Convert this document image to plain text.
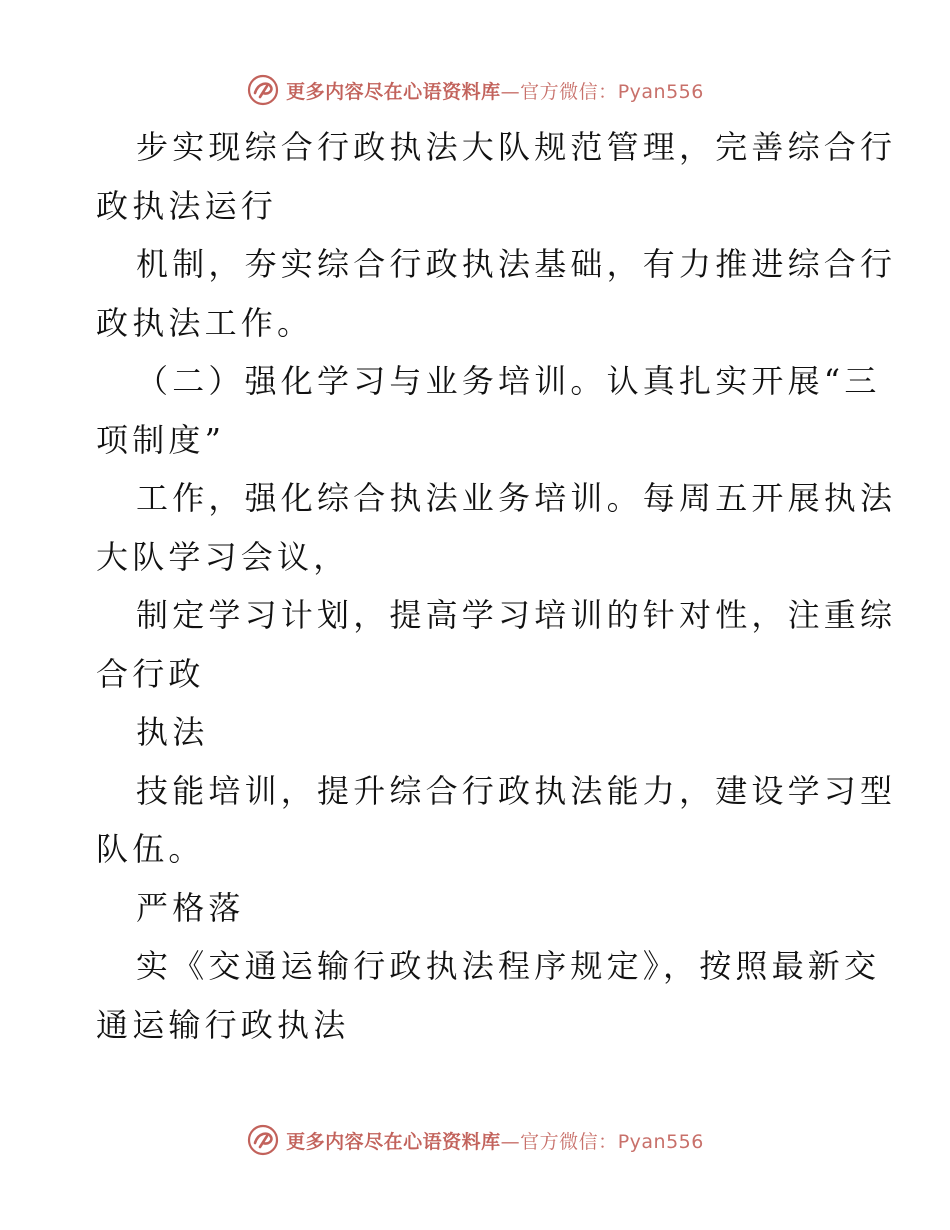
更多内容尽在心语资料库—官方微信：Pyan556
步实现综合行政执法大队规范管理，完善综合行
政执法运行
机制，夯实综合行政执法基础，有力推进综合行
政执法工作。
（二）强化学习与业务培训。认真扎实开展“三
项制度”
工作，强化综合执法业务培训。每周五开展执法
大队学习会议，
制定学习计划，提高学习培训的针对性，注重综
合行政
执法
技能培训，提升综合行政执法能力，建设学习型
队伍。
严格落
实《交通运输行政执法程序规定》，按照最新交
通运输行政执法
更多内容尽在心语资料库—官方微信：Pyan556
